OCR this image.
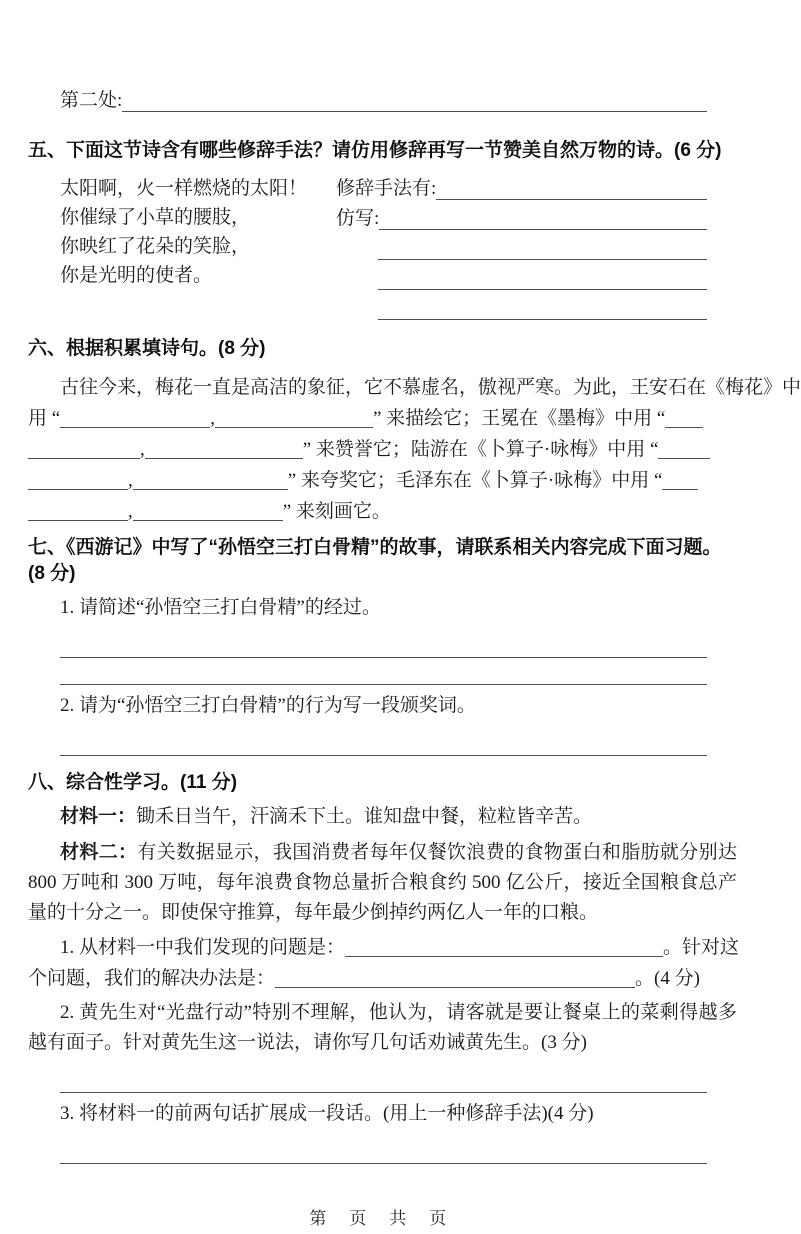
第二处:
五、下面这节诗含有哪些修辞手法？请仿用修辞再写一节赞美自然万物的诗。(6 分)
太阳啊，火一样燃烧的太阳！
你催绿了小草的腰肢，
你映红了花朵的笑脸，
你是光明的使者。
修辞手法有:
仿写:
六、根据积累填诗句。(8 分)
古往今来，梅花一直是高洁的象征，它不慕虚名，傲视严寒。为此，王安石在《梅花》中
用 “	,	” 来描绘它；王冕在《墨梅》中用 “
,	” 来赞誉它；陆游在《卜算子·咏梅》中用 “
,	” 来夸奖它；毛泽东在《卜算子·咏梅》中用 “
,	” 来刻画它。
七、《西游记》中写了“孙悟空三打白骨精”的故事，请联系相关内容完成下面习题。(8 分)

1. 请简述“孙悟空三打白骨精”的经过。

2. 请为“孙悟空三打白骨精”的行为写一段颁奖词。

八、综合性学习。(11 分)

材料一：锄禾日当午，汗滴禾下土。谁知盘中餐，粒粒皆辛苦。

材料二：有关数据显示，我国消费者每年仅餐饮浪费的食物蛋白和脂肪就分别达 800 万吨和 300 万吨，每年浪费食物总量折合粮食约 500 亿公斤，接近全国粮食总产量的十分之一。即使保守推算，每年最少倒掉约两亿人一年的口粮。

1. 从材料一中我们发现的问题是：	。针对这
个问题，我们的解决办法是：	。(4 分)

2. 黄先生对“光盘行动”特别不理解，他认为，请客就是要让餐桌上的菜剩得越多越有面子。针对黄先生这一说法，请你写几句话劝诫黄先生。(3 分)

3. 将材料一的前两句话扩展成一段话。(用上一种修辞手法)(4 分)

第 页 共 页
